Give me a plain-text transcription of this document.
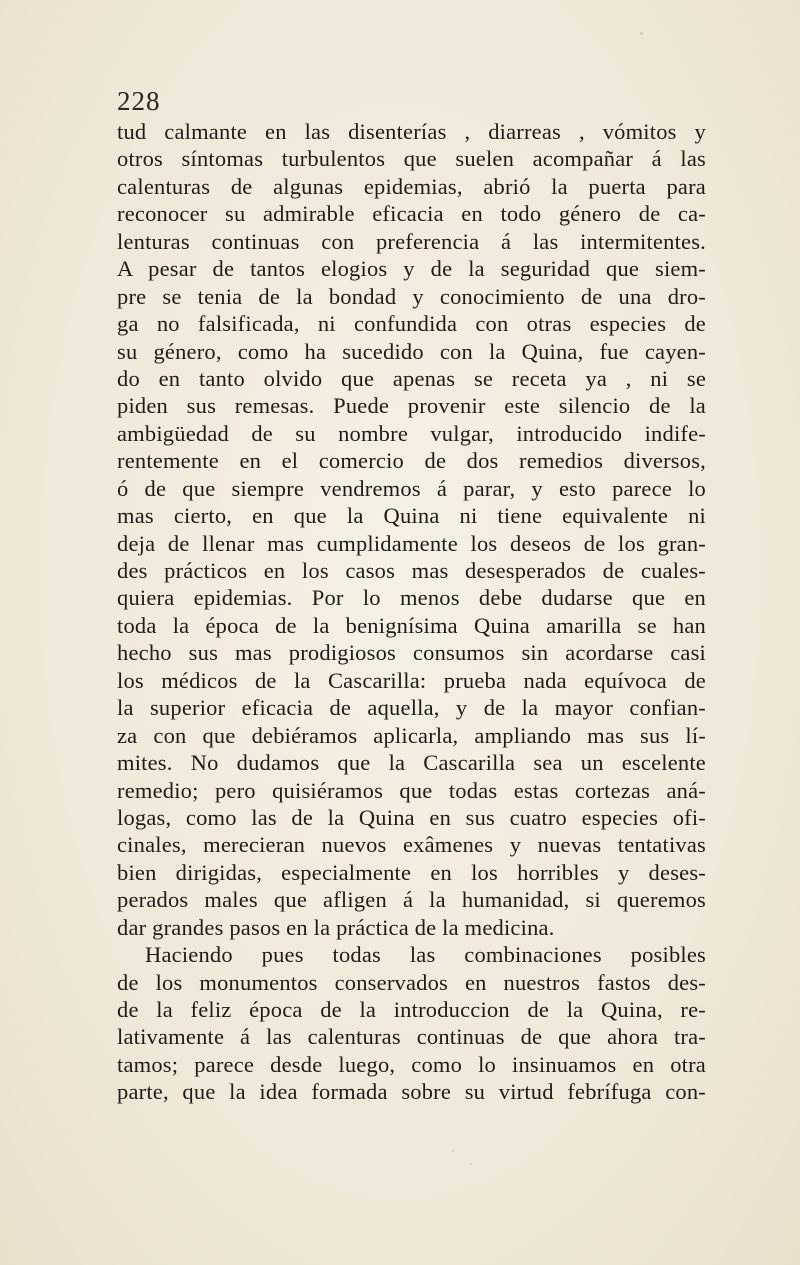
228
tud calmante en las disenterías , diarreas , vómitos y
otros síntomas turbulentos que suelen acompañar á las
calenturas de algunas epidemias, abrió la puerta para
reconocer su admirable eficacia en todo género de ca-
lenturas continuas con preferencia á las intermitentes.
A pesar de tantos elogios y de la seguridad que siem-
pre se tenia de la bondad y conocimiento de una dro-
ga no falsificada, ni confundida con otras especies de
su género, como ha sucedido con la Quina, fue cayen-
do en tanto olvido que apenas se receta ya , ni se
piden sus remesas. Puede provenir este silencio de la
ambigüedad de su nombre vulgar, introducido indife-
rentemente en el comercio de dos remedios diversos,
ó de que siempre vendremos á parar, y esto parece lo
mas cierto, en que la Quina ni tiene equivalente ni
deja de llenar mas cumplidamente los deseos de los gran-
des prácticos en los casos mas desesperados de cuales-
quiera epidemias. Por lo menos debe dudarse que en
toda la época de la benignísima Quina amarilla se han
hecho sus mas prodigiosos consumos sin acordarse casi
los médicos de la Cascarilla: prueba nada equívoca de
la superior eficacia de aquella, y de la mayor confian-
za con que debiéramos aplicarla, ampliando mas sus lí-
mites. No dudamos que la Cascarilla sea un escelente
remedio; pero quisiéramos que todas estas cortezas aná-
logas, como las de la Quina en sus cuatro especies ofi-
cinales, merecieran nuevos exâmenes y nuevas tentativas
bien dirigidas, especialmente en los horribles y deses-
perados males que afligen á la humanidad, si queremos
dar grandes pasos en la práctica de la medicina.
Haciendo pues todas las combinaciones posibles
de los monumentos conservados en nuestros fastos des-
de la feliz época de la introduccion de la Quina, re-
lativamente á las calenturas continuas de que ahora tra-
tamos; parece desde luego, como lo insinuamos en otra
parte, que la idea formada sobre su virtud febrífuga con-
